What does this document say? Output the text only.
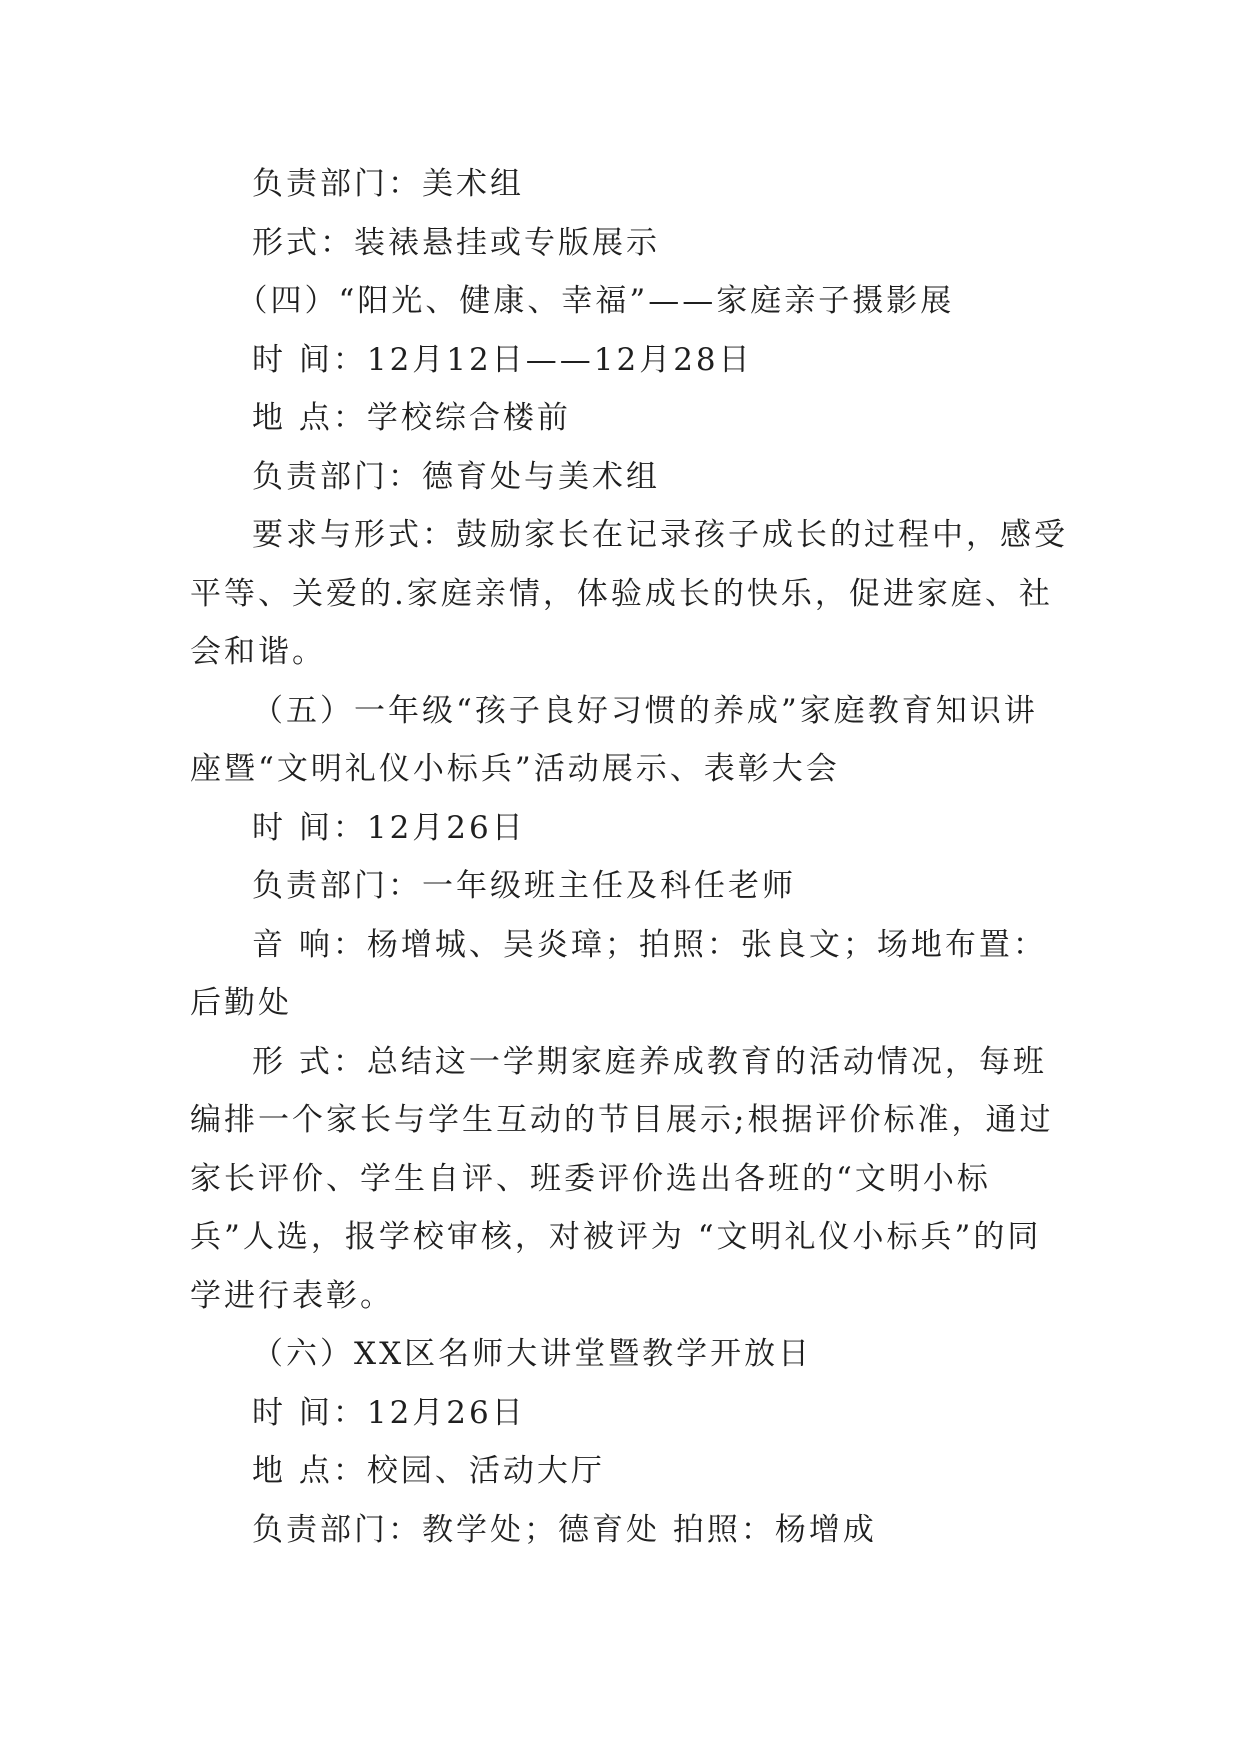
负责部门：美术组

形式：装裱悬挂或专版展示

（四）“阳光、健康、幸福”——家庭亲子摄影展

时 间：12月12日——12月28日

地 点：学校综合楼前

负责部门：德育处与美术组

要求与形式：鼓励家长在记录孩子成长的过程中，感受平等、关爱的.家庭亲情，体验成长的快乐，促进家庭、社会和谐。

（五）一年级“孩子良好习惯的养成”家庭教育知识讲座暨“文明礼仪小标兵”活动展示、表彰大会

时 间：12月26日

负责部门：一年级班主任及科任老师

音 响：杨增城、吴炎璋；拍照：张良文；场地布置：后勤处

形 式：总结这一学期家庭养成教育的活动情况，每班编排一个家长与学生互动的节目展示;根据评价标准，通过家长评价、学生自评、班委评价选出各班的“文明小标兵”人选，报学校审核，对被评为 “文明礼仪小标兵”的同学进行表彰。

（六）XX区名师大讲堂暨教学开放日

时 间：12月26日

地 点：校园、活动大厅

负责部门：教学处；德育处 拍照：杨增成
